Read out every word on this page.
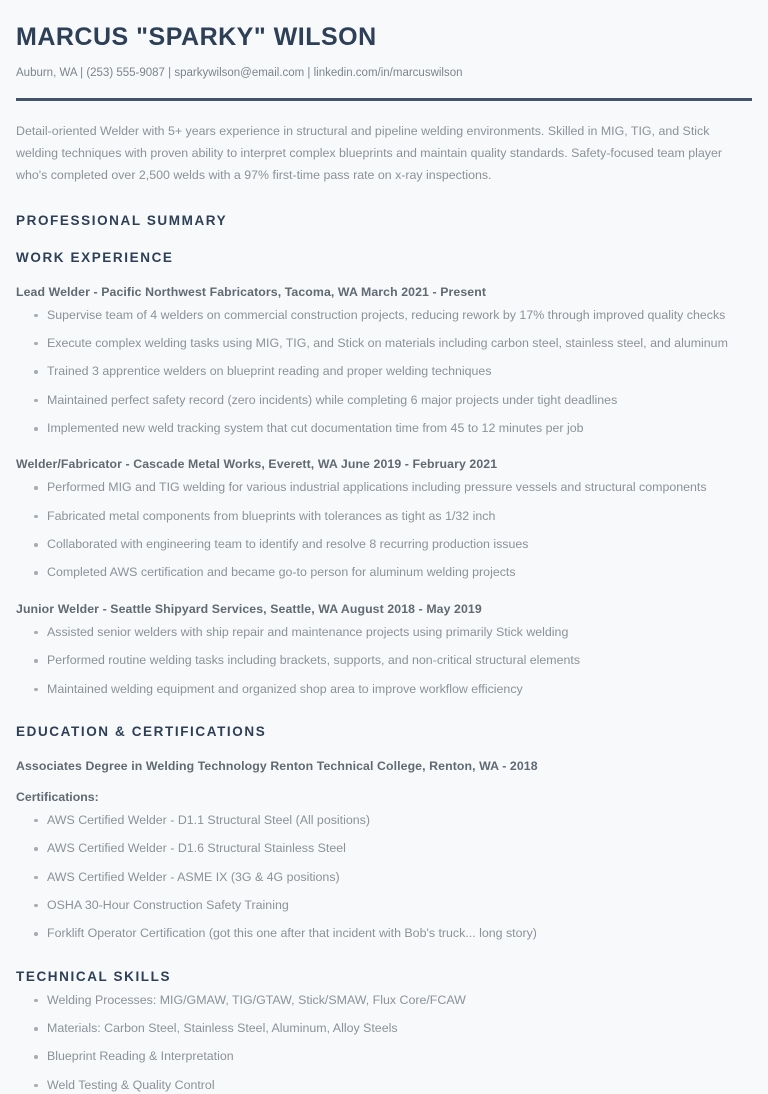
MARCUS "SPARKY" WILSON
Auburn, WA | (253) 555-9087 | sparkywilson@email.com | linkedin.com/in/marcuswilson

Detail-oriented Welder with 5+ years experience in structural and pipeline welding environments. Skilled in MIG, TIG, and Stick welding techniques with proven ability to interpret complex blueprints and maintain quality standards. Safety-focused team player who's completed over 2,500 welds with a 97% first-time pass rate on x-ray inspections.

PROFESSIONAL SUMMARY
WORK EXPERIENCE
Lead Welder - Pacific Northwest Fabricators, Tacoma, WA March 2021 - Present
Supervise team of 4 welders on commercial construction projects, reducing rework by 17% through improved quality checks
Execute complex welding tasks using MIG, TIG, and Stick on materials including carbon steel, stainless steel, and aluminum
Trained 3 apprentice welders on blueprint reading and proper welding techniques
Maintained perfect safety record (zero incidents) while completing 6 major projects under tight deadlines
Implemented new weld tracking system that cut documentation time from 45 to 12 minutes per job
Welder/Fabricator - Cascade Metal Works, Everett, WA June 2019 - February 2021
Performed MIG and TIG welding for various industrial applications including pressure vessels and structural components
Fabricated metal components from blueprints with tolerances as tight as 1/32 inch
Collaborated with engineering team to identify and resolve 8 recurring production issues
Completed AWS certification and became go-to person for aluminum welding projects
Junior Welder - Seattle Shipyard Services, Seattle, WA August 2018 - May 2019
Assisted senior welders with ship repair and maintenance projects using primarily Stick welding
Performed routine welding tasks including brackets, supports, and non-critical structural elements
Maintained welding equipment and organized shop area to improve workflow efficiency
EDUCATION & CERTIFICATIONS
Associates Degree in Welding Technology Renton Technical College, Renton, WA - 2018
Certifications:
AWS Certified Welder - D1.1 Structural Steel (All positions)
AWS Certified Welder - D1.6 Structural Stainless Steel
AWS Certified Welder - ASME IX (3G & 4G positions)
OSHA 30-Hour Construction Safety Training
Forklift Operator Certification (got this one after that incident with Bob's truck... long story)
TECHNICAL SKILLS
Welding Processes: MIG/GMAW, TIG/GTAW, Stick/SMAW, Flux Core/FCAW
Materials: Carbon Steel, Stainless Steel, Aluminum, Alloy Steels
Blueprint Reading & Interpretation
Weld Testing & Quality Control
